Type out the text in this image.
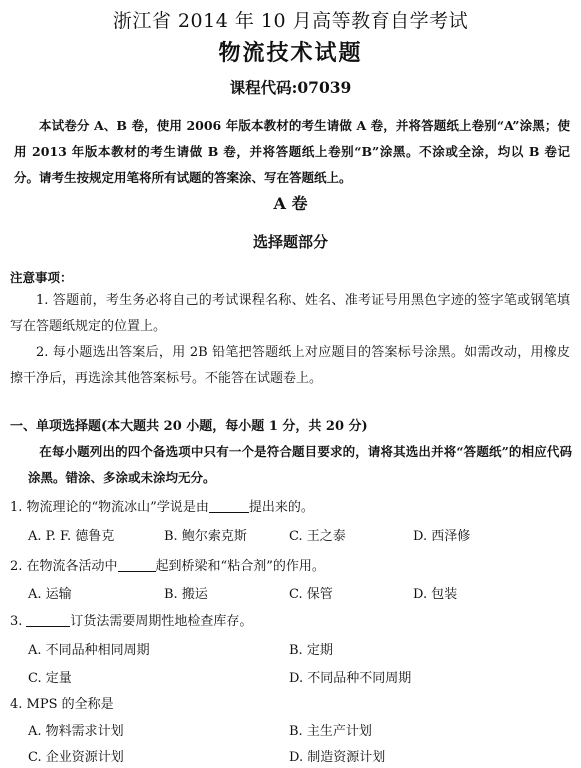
浙江省 2014 年 10 月高等教育自学考试
物流技术试题
课程代码:07039
本试卷分 A、B 卷，使用 2006 年版本教材的考生请做 A 卷，并将答题纸上卷别“A”涂黑；使用 2013 年版本教材的考生请做 B 卷，并将答题纸上卷别“B”涂黑。不涂或全涂，均以 B 卷记分。请考生按规定用笔将所有试题的答案涂、写在答题纸上。
A 卷
选择题部分
注意事项：
1. 答题前，考生务必将自己的考试课程名称、姓名、准考证号用黑色字迹的签字笔或钢笔填写在答题纸规定的位置上。
2. 每小题选出答案后，用 2B 铅笔把答题纸上对应题目的答案标号涂黑。如需改动，用橡皮擦干净后，再选涂其他答案标号。不能答在试题卷上。
一、单项选择题(本大题共 20 小题，每小题 1 分，共 20 分)
在每小题列出的四个备选项中只有一个是符合题目要求的，请将其选出并将“答题纸”的相应代码涂黑。错涂、多涂或未涂均无分。
1. 物流理论的“物流冰山”学说是由	提出来的。
A. P. F. 德鲁克	B. 鲍尔索克斯	C. 王之泰	D. 西泽修
2. 在物流各活动中	起到桥梁和“粘合剂”的作用。
A. 运输	B. 搬运	C. 保管	D. 包装
3.	订货法需要周期性地检查库存。
A. 不同品种相同周期	B. 定期
C. 定量	D. 不同品种不同周期
4. MPS 的全称是
A. 物料需求计划	B. 主生产计划
C. 企业资源计划	D. 制造资源计划
